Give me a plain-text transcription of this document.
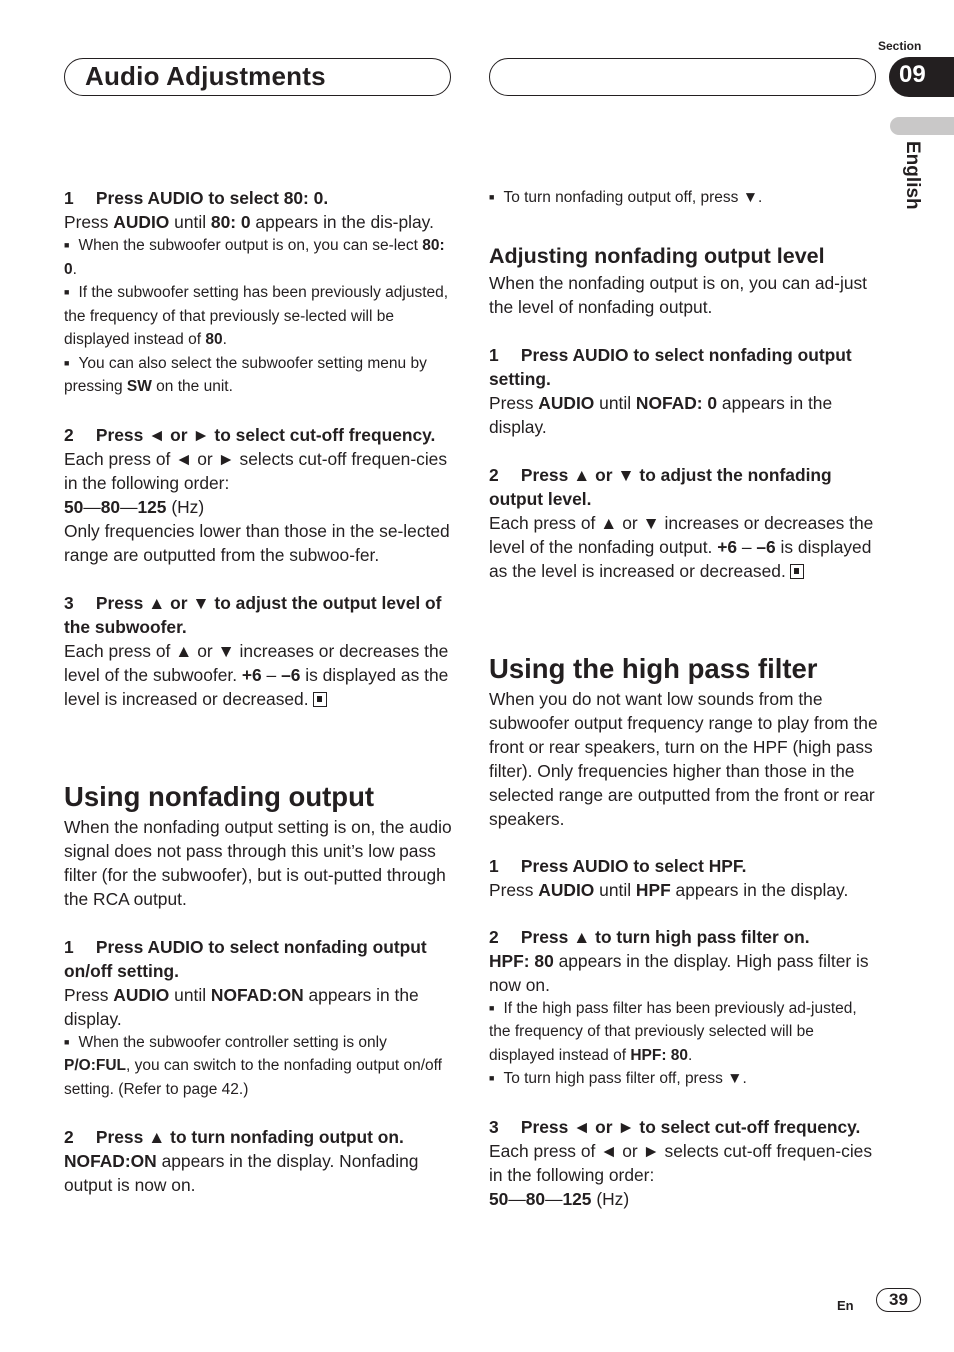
Audio Adjustments
Section
09
English

1  Press AUDIO to select 80: 0.

Press AUDIO until 80: 0 appears in the dis-play.

■ When the subwoofer output is on, you can se-lect 80: 0.

■ If the subwoofer setting has been previously adjusted, the frequency of that previously se-lected will be displayed instead of 80.

■ You can also select the subwoofer setting menu by pressing SW on the unit.

2  Press ◄ or ► to select cut-off frequency.

Each press of ◄ or ► selects cut-off frequen-cies in the following order:

50—80—125 (Hz)

Only frequencies lower than those in the se-lected range are outputted from the subwoo-fer.

3  Press ▲ or ▼ to adjust the output level of the subwoofer.

Each press of ▲ or ▼ increases or decreases the level of the subwoofer. +6 – –6 is displayed as the level is increased or decreased.

Using nonfading output

When the nonfading output setting is on, the audio signal does not pass through this unit’s low pass filter (for the subwoofer), but is out-putted through the RCA output.

1  Press AUDIO to select nonfading output on/off setting.

Press AUDIO until NOFAD:ON appears in the display.

■ When the subwoofer controller setting is only P/O:FUL, you can switch to the nonfading output on/off setting. (Refer to page 42.)

2  Press ▲ to turn nonfading output on.

NOFAD:ON appears in the display. Nonfading output is now on.

■ To turn nonfading output off, press ▼.

Adjusting nonfading output level

When the nonfading output is on, you can ad-just the level of nonfading output.

1  Press AUDIO to select nonfading output setting.

Press AUDIO until NOFAD: 0 appears in the display.

2  Press ▲ or ▼ to adjust the nonfading output level.

Each press of ▲ or ▼ increases or decreases the level of the nonfading output. +6 – –6 is displayed as the level is increased or decreased.

Using the high pass filter

When you do not want low sounds from the subwoofer output frequency range to play from the front or rear speakers, turn on the HPF (high pass filter). Only frequencies higher than those in the selected range are outputted from the front or rear speakers.

1  Press AUDIO to select HPF.

Press AUDIO until HPF appears in the display.

2  Press ▲ to turn high pass filter on.

HPF: 80 appears in the display. High pass filter is now on.

■ If the high pass filter has been previously ad-justed, the frequency of that previously selected will be displayed instead of HPF: 80.

■ To turn high pass filter off, press ▼.

3  Press ◄ or ► to select cut-off frequency.

Each press of ◄ or ► selects cut-off frequen-cies in the following order:

50—80—125 (Hz)

En	39
